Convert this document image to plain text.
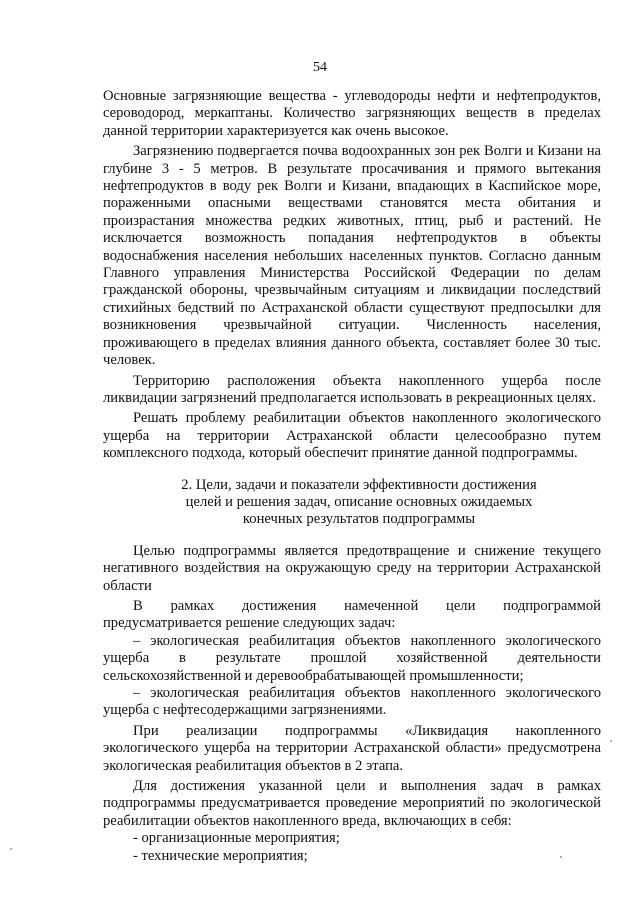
54

Основные загрязняющие вещества - углеводороды нефти и нефтепродуктов, сероводород, меркаптаны. Количество загрязняющих веществ в пределах данной территории характеризуется как очень высокое.

Загрязнению подвергается почва водоохранных зон рек Волги и Кизани на глубине 3 - 5 метров. В результате просачивания и прямого вытекания нефтепродуктов в воду рек Волги и Кизани, впадающих в Каспийское море, пораженными опасными веществами становятся места обитания и произрастания множества редких животных, птиц, рыб и растений. Не исключается возможность попадания нефтепродуктов в объекты водоснабжения населения небольших населенных пунктов. Согласно данным Главного управления Министерства Российской Федерации по делам гражданской обороны, чрезвычайным ситуациям и ликвидации последствий стихийных бедствий по Астраханской области существуют предпосылки для возникновения чрезвычайной ситуации. Численность населения, проживающего в пределах влияния данного объекта, составляет более 30 тыс. человек.

Территорию расположения объекта накопленного ущерба после ликвидации загрязнений предполагается использовать в рекреационных целях.

Решать проблему реабилитации объектов накопленного экологического ущерба на территории Астраханской области целесообразно путем комплексного подхода, который обеспечит принятие данной подпрограммы.

2. Цели, задачи и показатели эффективности достижения
целей и решения задач, описание основных ожидаемых
конечных результатов подпрограммы

Целью подпрограммы является предотвращение и снижение текущего негативного воздействия на окружающую среду на территории Астраханской области

В рамках достижения намеченной цели подпрограммой предусматривается решение следующих задач:

– экологическая реабилитация объектов накопленного экологического ущерба в результате прошлой хозяйственной деятельности сельскохозяйственной и деревообрабатывающей промышленности;

– экологическая реабилитация объектов накопленного экологического ущерба с нефтесодержащими загрязнениями.

При реализации подпрограммы «Ликвидация накопленного экологического ущерба на территории Астраханской области» предусмотрена экологическая реабилитация объектов в 2 этапа.

Для достижения указанной цели и выполнения задач в рамках подпрограммы предусматривается проведение мероприятий по экологической реабилитации объектов накопленного вреда, включающих в себя:

- организационные мероприятия;

- технические мероприятия;
